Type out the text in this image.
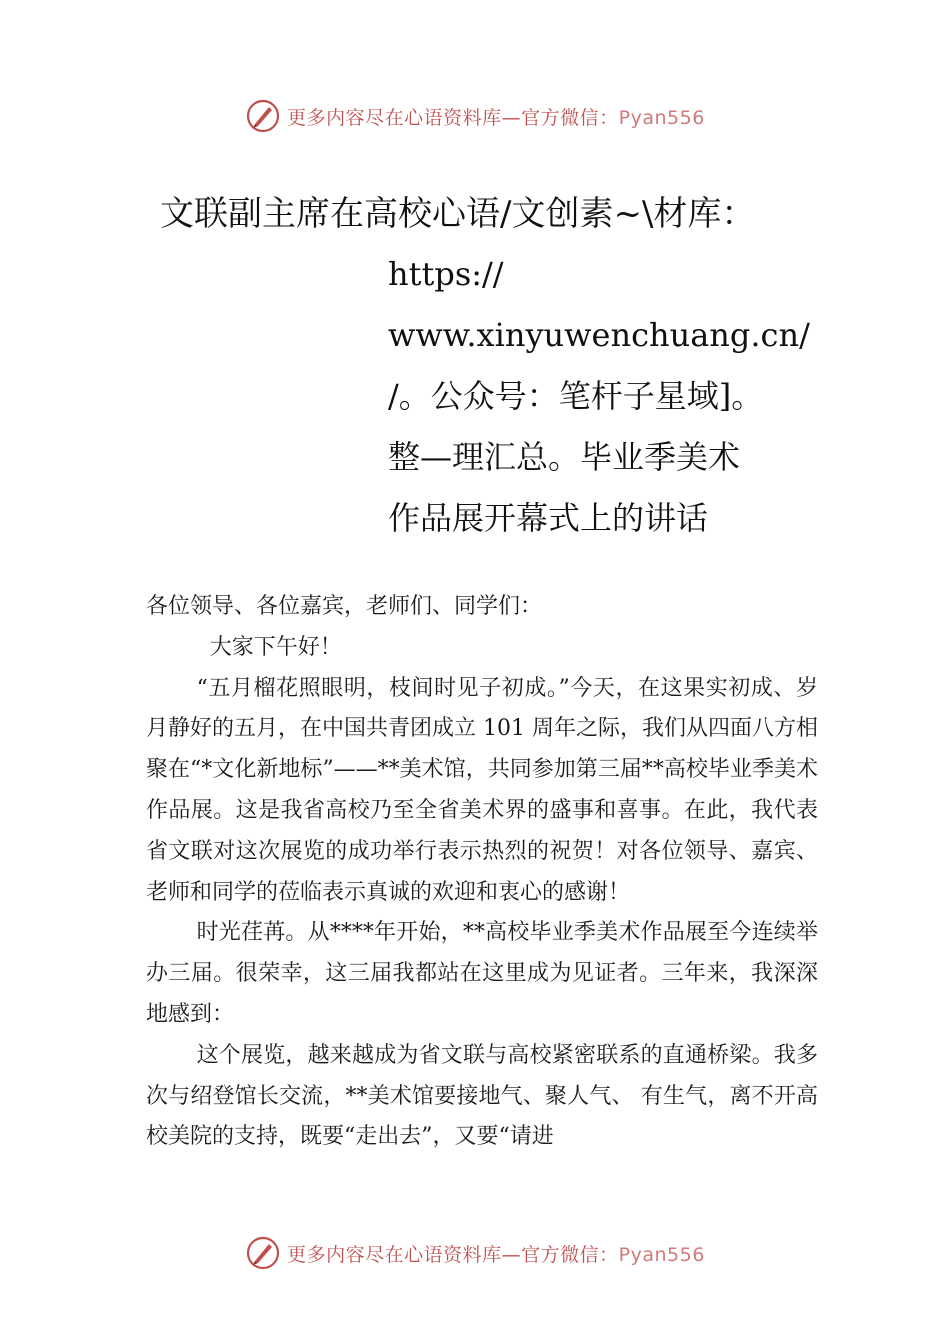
更多内容尽在心语资料库—官方微信：Pyan556
文联副主席在高校心语/文创素~\材库：
https://
www.xinyuwenchuang.cn/
/。公众号：笔杆子星域]。
整—理汇总。毕业季美术
作品展开幕式上的讲话

各位领导、各位嘉宾，老师们、同学们：

大家下午好！

“五月榴花照眼明，枝间时见子初成。”今天，在这果实初成、岁月静好的五月，在中国共青团成立 101 周年之际，我们从四面八方相聚在“*文化新地标”——**美术馆，共同参加第三届**高校毕业季美术作品展。这是我省高校乃至全省美术界的盛事和喜事。在此，我代表省文联对这次展览的成功举行表示热烈的祝贺！对各位领导、嘉宾、老师和同学的莅临表示真诚的欢迎和衷心的感谢！

时光荏苒。从****年开始，**高校毕业季美术作品展至今连续举办三届。很荣幸，这三届我都站在这里成为见证者。三年来，我深深地感到：

这个展览，越来越成为省文联与高校紧密联系的直通桥梁。我多次与绍登馆长交流，**美术馆要接地气、聚人气、 有生气，离不开高校美院的支持，既要“走出去”，又要“请进

更多内容尽在心语资料库—官方微信：Pyan556
